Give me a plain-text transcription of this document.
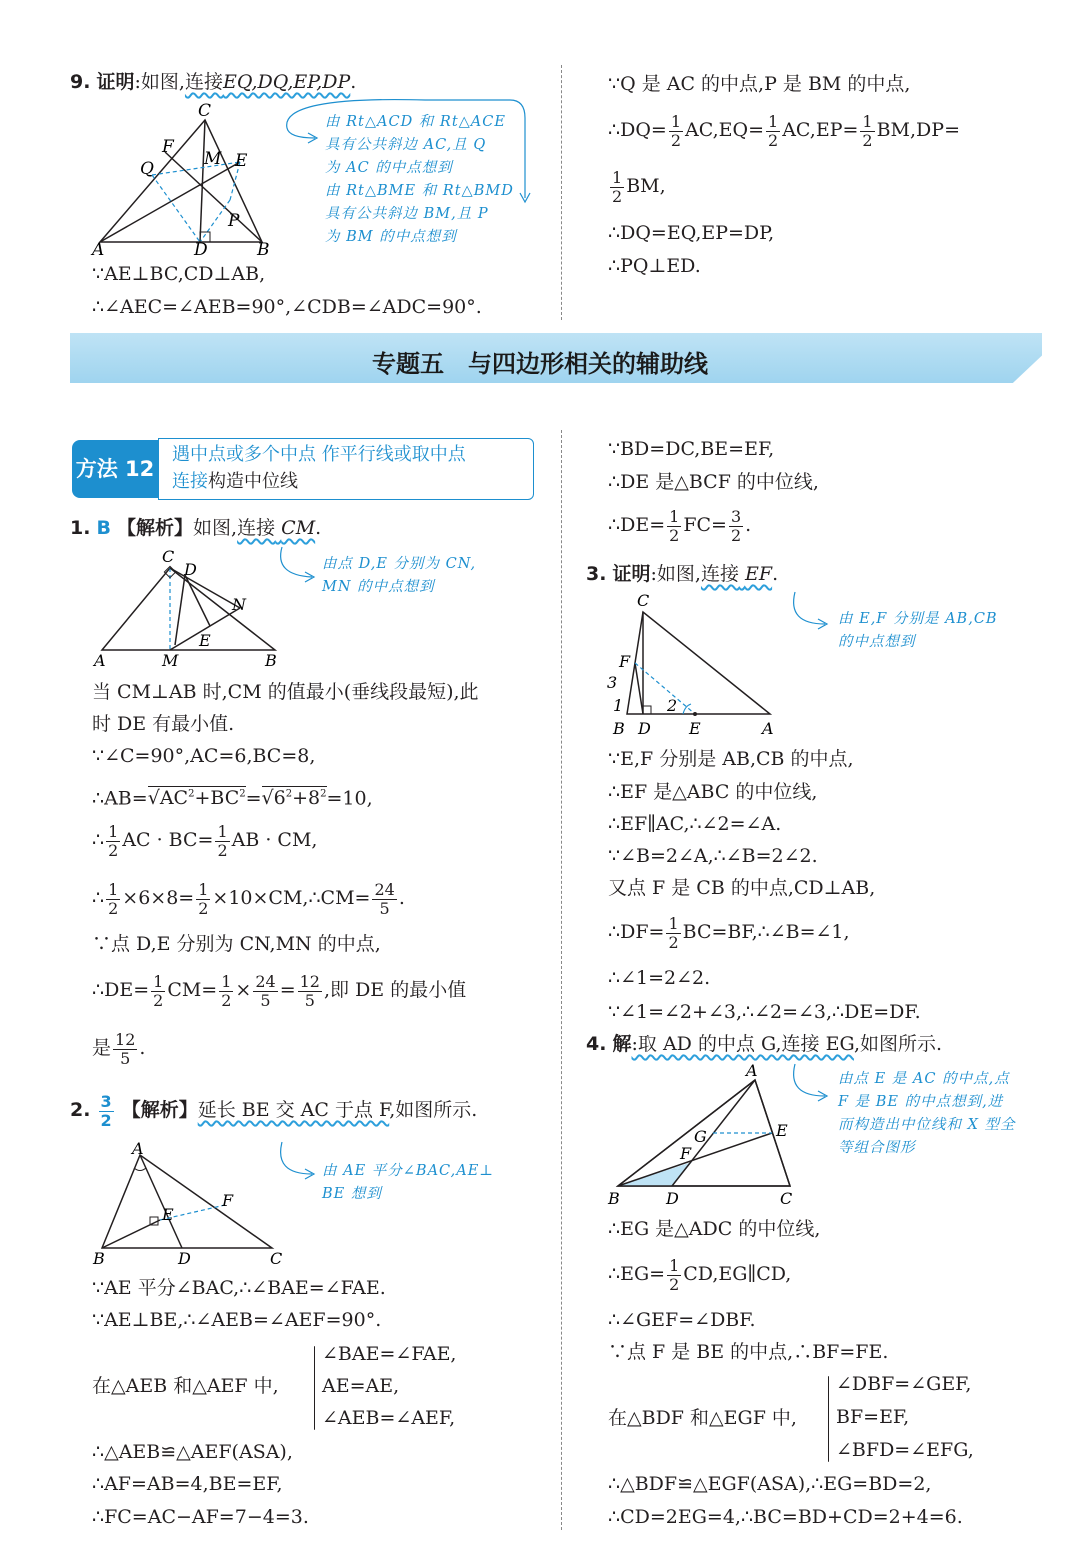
9. 证明:如图,连接EQ,DQ,EP,DP.
C
F
M
Q	E
P
A	D	B
由 Rt△ACD 和 Rt△ACE
具有公共斜边 AC,且 Q
为 AC 的中点想到
由 Rt△BME 和 Rt△BMD
具有公共斜边 BM,且 P
为 BM 的中点想到
∵AE⊥BC,CD⊥AB,
∴∠AEC=∠AEB=90°,∠CDB=∠ADC=90°.
∵Q 是 AC 的中点,P 是 BM 的中点,
∴DQ= $\frac{1}{2} AC,EQ= \frac{1}{2} AC,EP= \frac{1}{2} BM,DP=$
$\frac{1}{2}$ BM,
∴DQ=EQ,EP=DP,
∴PQ⊥ED.
专题五　与四边形相关的辅助线
方法 12
遇中点或多个中点 作平行线或取中点
连接构造中位线
1. B 【解析】如图,连接 CM.
C
D
N
E
A	M	B
由点 D,E 分别为 CN,
MN 的中点想到
当 CM⊥AB 时,CM 的值最小(垂线段最短),此
时 DE 有最小值.
∵∠C=90°,AC=6,BC=8,
$\therefore AB=√AC^2+BC^2=√6^2+8^2=10$,
∴ $\frac{1}{2}$ AC · $BC= \frac{1}{2}$ AB · CM,
∴ $\frac{1}{2} \times 6\times 8= \frac{1}{2}$ ×10×CM,∴CM= $\frac{24}{5}$ .
∵点 D,E 分别为 CN,MN 的中点,
∴DE= $\frac{1}{2} CM= \frac{1}{2} \times \frac{24}{5} = \frac{12}{5}$ ,即 DE 的最小值
是 $\frac{12}{5}$ .
2. $\frac{3}{2}$ 【解析】延长 BE 交 AC 于点 F,如图所示.
A
E
F
B	D	C
由 AE 平分∠BAC,AE⊥
BE 想到
∵AE 平分∠BAC,∴∠BAE=∠FAE.
∵AE⊥BE,∴∠AEB=∠AEF=90°.
在△AEB 和△AEF 中,
∠BAE=∠FAE,
AE=AE,
∠AEB=∠AEF,
∴△AEB≌△AEF(ASA),
∴AF=AB=4,BE=EF,
∴FC=AC−AF=7−4=3.
∵BD=DC,BE=EF,
∴DE 是△BCF 的中位线,
∴DE= $\frac{1}{2} FC= \frac{3}{2}$ .
3. 证明:如图,连接 EF.
C
F
3
1	2
B D E	A
由 E,F 分别是 AB,CB
的中点想到
∵E,F 分别是 AB,CB 的中点,
∴EF 是△ABC 的中位线,
∴EF∥AC,∴∠2=∠A.
∵∠B=2∠A,∴∠B=2∠2.
又点 F 是 CB 的中点,CD⊥AB,
∴DF= $\frac{1}{2}$ BC=BF,∴∠B=∠1,
∴∠1=2∠2.
∵∠1=∠2+∠3,∴∠2=∠3,∴DE=DF.
4. 解:取 AD 的中点 G,连接 EG,如图所示.
A
G	E
F
B	D	C
由点 E 是 AC 的中点,点
F 是 BE 的中点想到,进
而构造出中位线和 X 型全
等组合图形
∴EG 是△ADC 的中位线,
∴EG= $\frac{1}{2}$ CD,EG∥CD,
∴∠GEF=∠DBF.
∵点 F 是 BE 的中点,∴BF=FE.
在△BDF 和△EGF 中,
∠DBF=∠GEF,
BF=EF,
∠BFD=∠EFG,
∴△BDF≌△EGF(ASA),∴EG=BD=2,
∴CD=2EG=4,∴BC=BD+CD=2+4=6.
